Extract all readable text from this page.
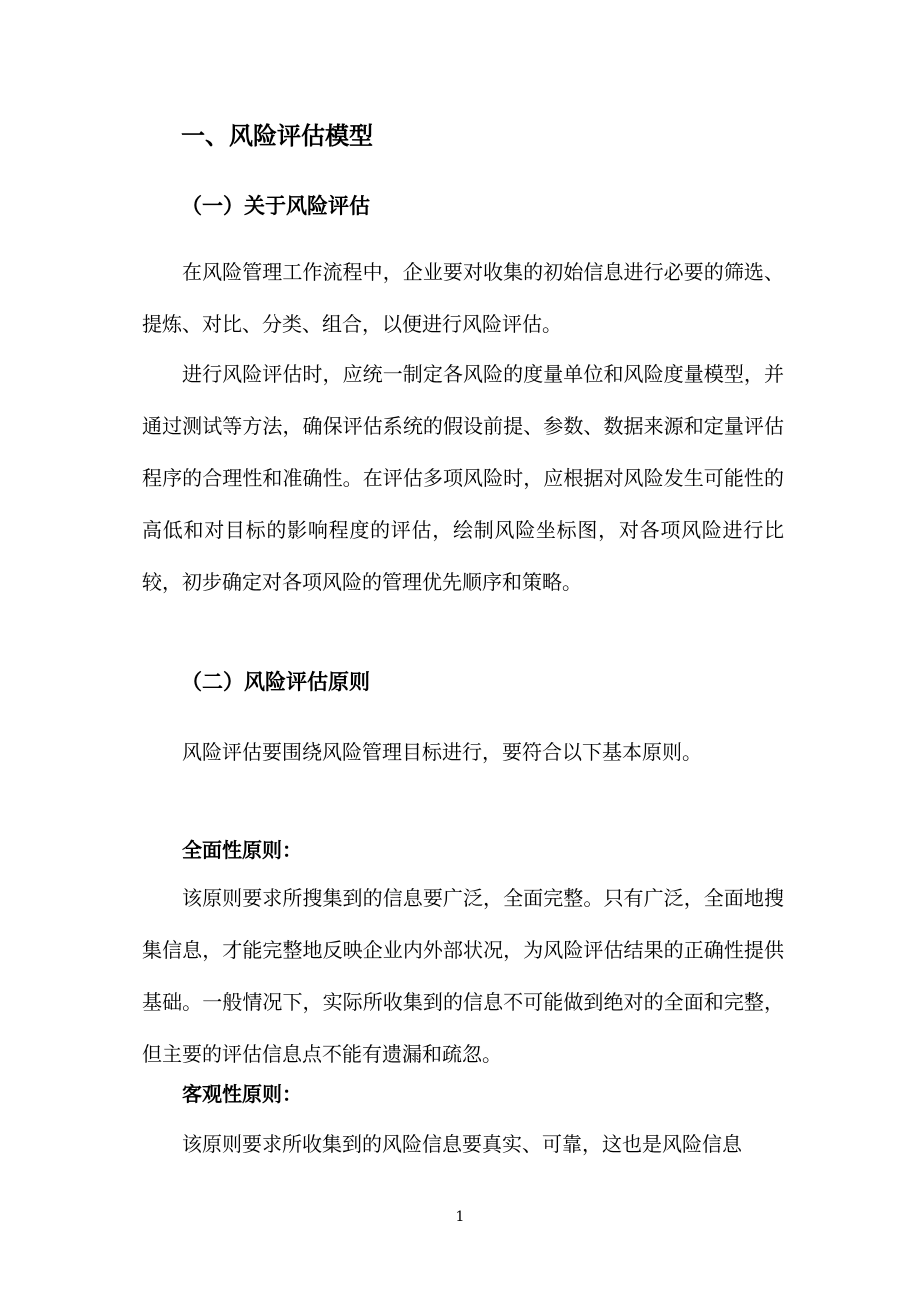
一、风险评估模型
（一）关于风险评估

在风险管理工作流程中，企业要对收集的初始信息进行必要的筛选、提炼、对比、分类、组合，以便进行风险评估。

进行风险评估时，应统一制定各风险的度量单位和风险度量模型，并通过测试等方法，确保评估系统的假设前提、参数、数据来源和定量评估程序的合理性和准确性。在评估多项风险时，应根据对风险发生可能性的高低和对目标的影响程度的评估，绘制风险坐标图，对各项风险进行比较，初步确定对各项风险的管理优先顺序和策略。

（二）风险评估原则

风险评估要围绕风险管理目标进行，要符合以下基本原则。

全面性原则：

该原则要求所搜集到的信息要广泛，全面完整。只有广泛，全面地搜集信息，才能完整地反映企业内外部状况，为风险评估结果的正确性提供基础。一般情况下，实际所收集到的信息不可能做到绝对的全面和完整，但主要的评估信息点不能有遗漏和疏忽。

客观性原则：

该原则要求所收集到的风险信息要真实、可靠，这也是风险信息

1
